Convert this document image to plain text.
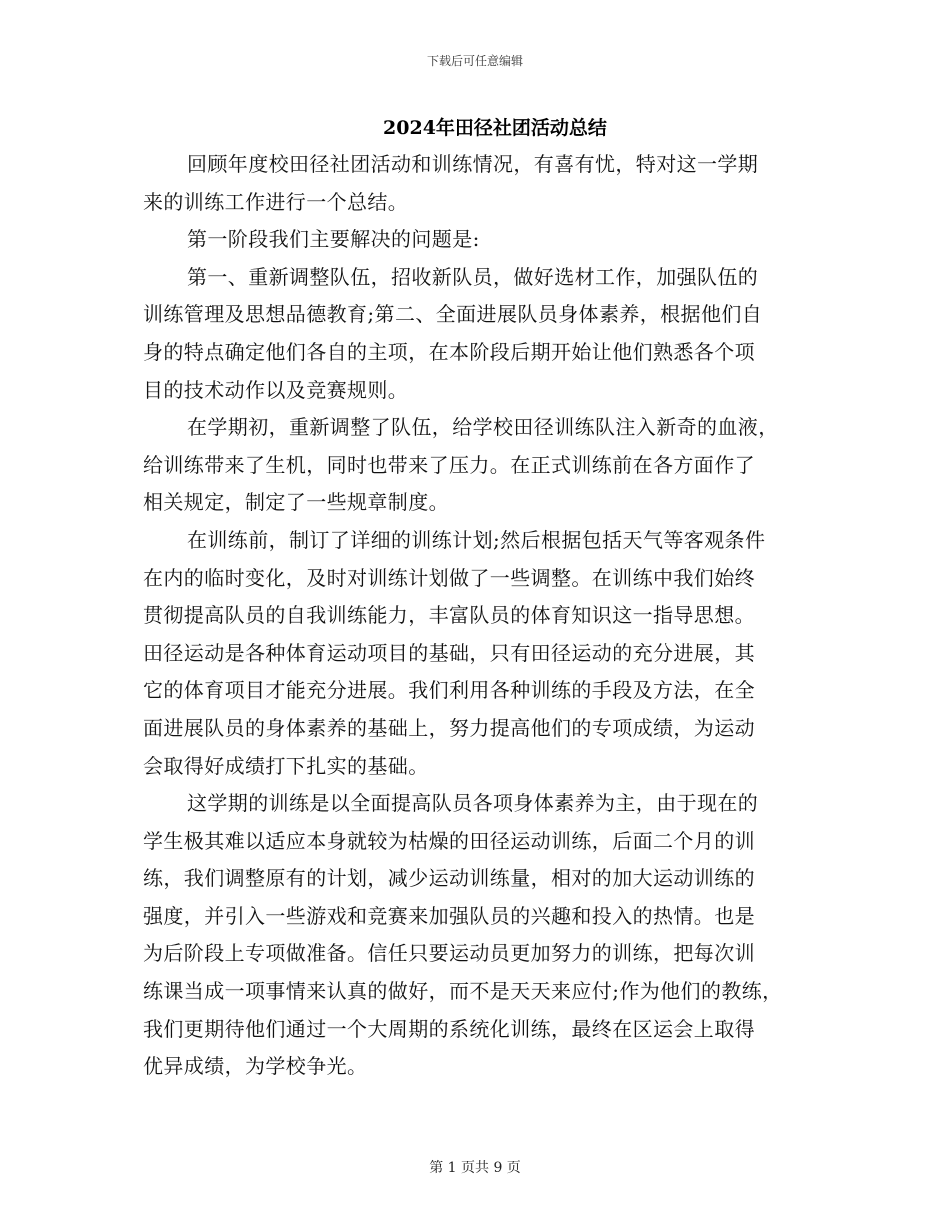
下载后可任意编辑
2024年田径社团活动总结
回顾年度校田径社团活动和训练情况，有喜有忧，特对这一学期
来的训练工作进行一个总结。
第一阶段我们主要解决的问题是:
第一、重新调整队伍，招收新队员，做好选材工作，加强队伍的
训练管理及思想品德教育;第二、全面进展队员身体素养，根据他们自
身的特点确定他们各自的主项，在本阶段后期开始让他们熟悉各个项
目的技术动作以及竞赛规则。
在学期初，重新调整了队伍，给学校田径训练队注入新奇的血液，
给训练带来了生机，同时也带来了压力。在正式训练前在各方面作了
相关规定，制定了一些规章制度。
在训练前，制订了详细的训练计划;然后根据包括天气等客观条件
在内的临时变化，及时对训练计划做了一些调整。在训练中我们始终
贯彻提高队员的自我训练能力，丰富队员的体育知识这一指导思想。
田径运动是各种体育运动项目的基础，只有田径运动的充分进展，其
它的体育项目才能充分进展。我们利用各种训练的手段及方法，在全
面进展队员的身体素养的基础上，努力提高他们的专项成绩，为运动
会取得好成绩打下扎实的基础。
这学期的训练是以全面提高队员各项身体素养为主，由于现在的
学生极其难以适应本身就较为枯燥的田径运动训练，后面二个月的训
练，我们调整原有的计划，减少运动训练量，相对的加大运动训练的
强度，并引入一些游戏和竞赛来加强队员的兴趣和投入的热情。也是
为后阶段上专项做准备。信任只要运动员更加努力的训练，把每次训
练课当成一项事情来认真的做好，而不是天天来应付;作为他们的教练，
我们更期待他们通过一个大周期的系统化训练，最终在区运会上取得
优异成绩，为学校争光。
第 1 页共 9 页
